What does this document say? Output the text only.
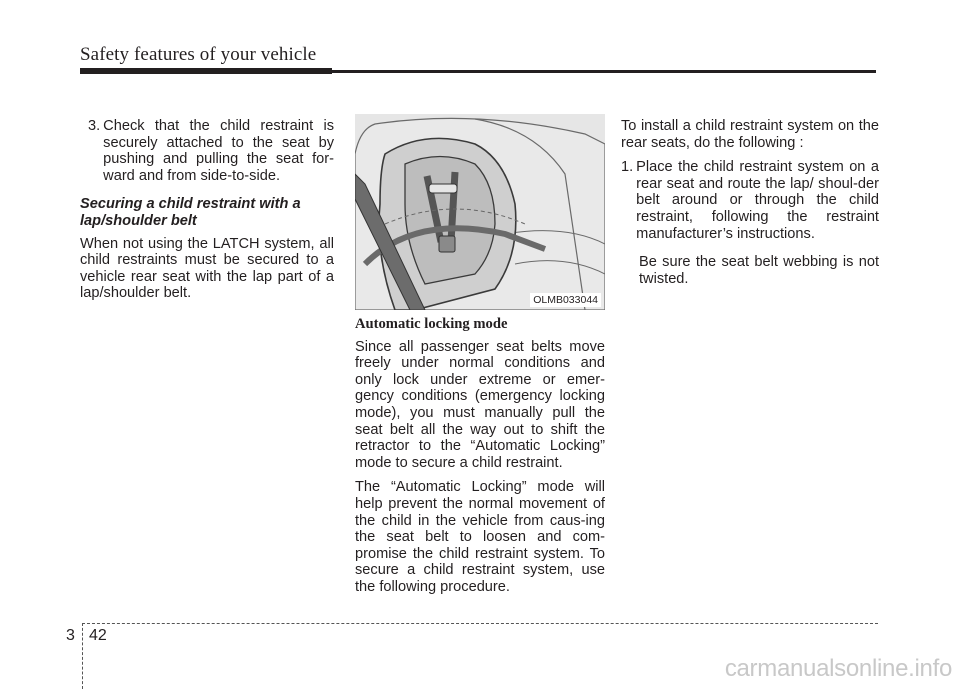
Safety features of your vehicle
3. Check that the child restraint is securely attached to the seat by pushing and pulling the seat for-ward and from side-to-side.
Securing a child restraint with a lap/shoulder belt

When not using the LATCH system, all child restraints must be secured to a vehicle rear seat with the lap part of a lap/shoulder belt.	OLMB033044
Automatic locking mode

Since all passenger seat belts move freely under normal conditions and only lock under extreme or emer-gency conditions (emergency locking mode), you must manually pull the seat belt all the way out to shift the retractor to the “Automatic Locking” mode to secure a child restraint.

The “Automatic Locking” mode will help prevent the normal movement of the child in the vehicle from caus-ing the seat belt to loosen and com-promise the child restraint system. To secure a child restraint system, use the following procedure.

To install a child restraint system on the rear seats, do the following :

1. Place the child restraint system on a rear seat and route the lap/ shoul-der belt around or through the child restraint, following the restraint manufacturer’s instructions.

Be sure the seat belt webbing is not twisted.

3 42
carmanualsonline.info
